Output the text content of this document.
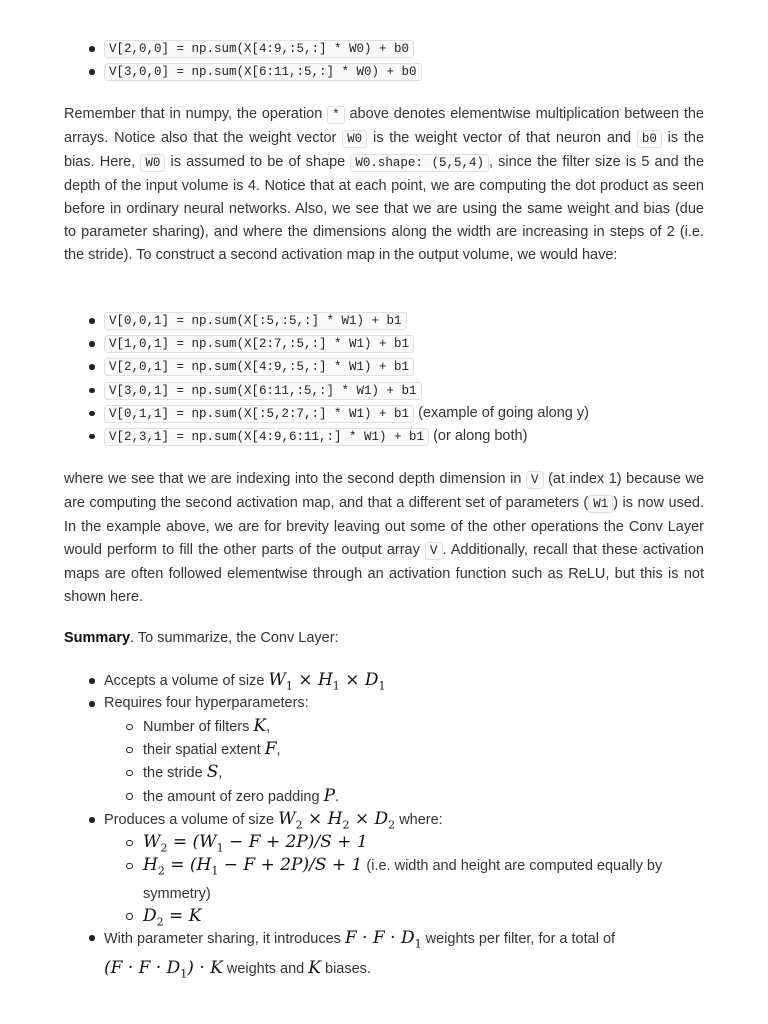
V[2,0,0] = np.sum(X[4:9,:5,:] * W0) + b0
V[3,0,0] = np.sum(X[6:11,:5,:] * W0) + b0

Remember that in numpy, the operation * above denotes elementwise multiplication between the arrays. Notice also that the weight vector W0 is the weight vector of that neuron and b0 is the bias. Here, W0 is assumed to be of shape W0.shape: (5,5,4) , since the filter size is 5 and the depth of the input volume is 4. Notice that at each point, we are computing the dot product as seen before in ordinary neural networks. Also, we see that we are using the same weight and bias (due to parameter sharing), and where the dimensions along the width are increasing in steps of 2 (i.e. the stride). To construct a second activation map in the output volume, we would have:

V[0,0,1] = np.sum(X[:5,:5,:] * W1) + b1
V[1,0,1] = np.sum(X[2:7,:5,:] * W1) + b1
V[2,0,1] = np.sum(X[4:9,:5,:] * W1) + b1
V[3,0,1] = np.sum(X[6:11,:5,:] * W1) + b1
V[0,1,1] = np.sum(X[:5,2:7,:] * W1) + b1 (example of going along y)
V[2,3,1] = np.sum(X[4:9,6:11,:] * W1) + b1 (or along both)

where we see that we are indexing into the second depth dimension in V (at index 1) because we are computing the second activation map, and that a different set of parameters ( W1 ) is now used. In the example above, we are for brevity leaving out some of the other operations the Conv Layer would perform to fill the other parts of the output array V . Additionally, recall that these activation maps are often followed elementwise through an activation function such as ReLU, but this is not shown here.

Summary. To summarize, the Conv Layer:

Accepts a volume of size $W_1 \times H_1 \times D_1$
Requires four hyperparameters:
Number of filters K,
their spatial extent F,
the stride S,
the amount of zero padding P.
Produces a volume of size $W_2 \times H_2 \times D_2$ where:
$W_2 = (W_1 - F + 2P)/S + 1$
$H_2 = (H_1 - F + 2P)/S + 1$ (i.e. width and height are computed equally by symmetry)
$D_2 = K$
With parameter sharing, it introduces $F \cdot F \cdot D_1$ weights per filter, for a total of $(F \cdot F \cdot D_1) \cdot K$ weights and K biases.
